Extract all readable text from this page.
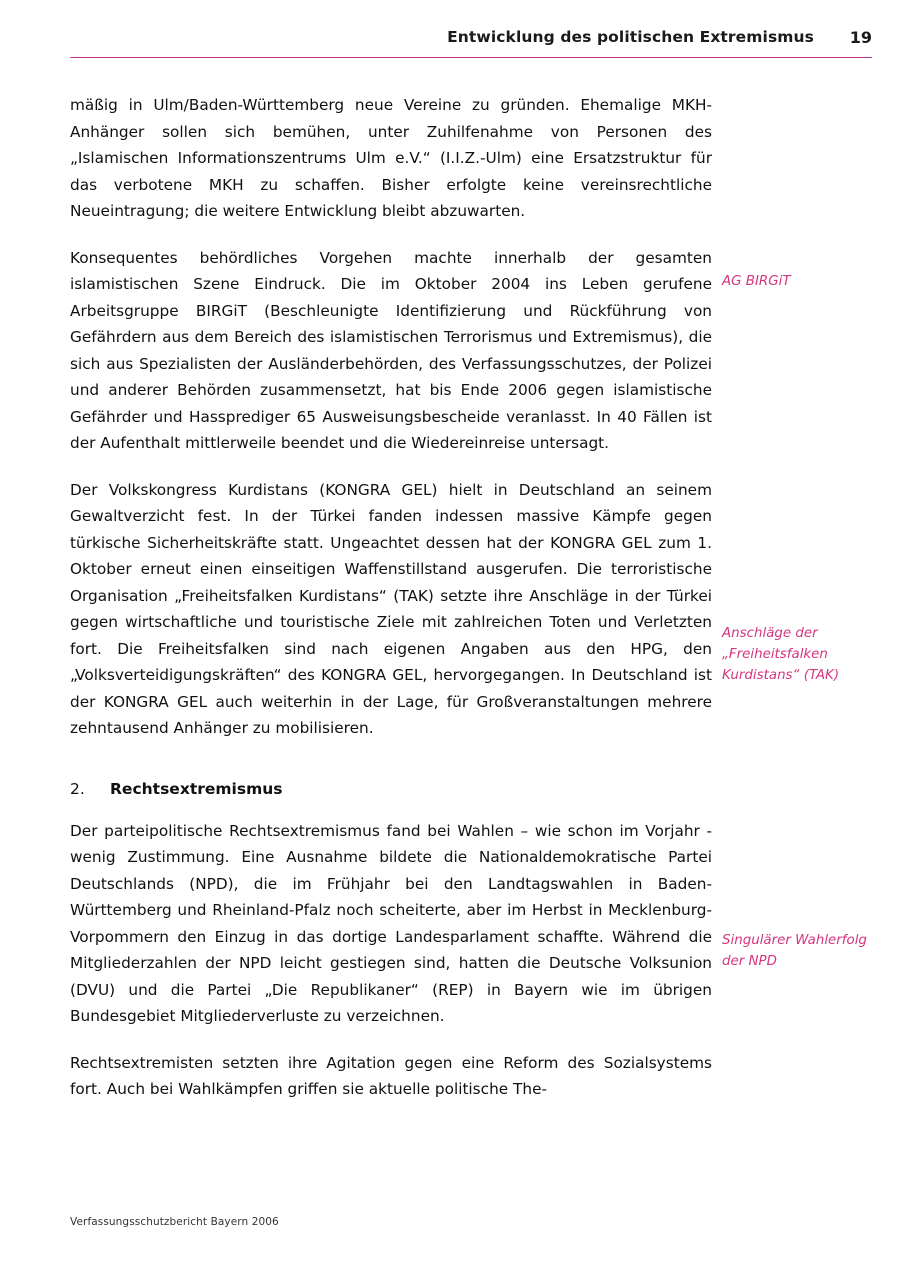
Entwicklung des politischen Extremismus 19

mäßig in Ulm/Baden-Württemberg neue Vereine zu gründen. Ehemalige MKH-Anhänger sollen sich bemühen, unter Zuhilfenahme von Personen des „Islamischen Informationszentrums Ulm e.V.“ (I.I.Z.-Ulm) eine Ersatzstruktur für das verbotene MKH zu schaffen. Bisher erfolgte keine vereinsrechtliche Neueintragung; die weitere Entwicklung bleibt abzuwarten.

Konsequentes behördliches Vorgehen machte innerhalb der gesamten islamistischen Szene Eindruck. Die im Oktober 2004 ins Leben gerufene Arbeitsgruppe BIRGiT (Beschleunigte Identifizierung und Rückführung von Gefährdern aus dem Bereich des islamistischen Terrorismus und Extremismus), die sich aus Spezialisten der Ausländerbehörden, des Verfassungsschutzes, der Polizei und anderer Behörden zusammensetzt, hat bis Ende 2006 gegen islamistische Gefährder und Hassprediger 65 Ausweisungsbescheide veranlasst. In 40 Fällen ist der Aufenthalt mittlerweile beendet und die Wiedereinreise untersagt.

Der Volkskongress Kurdistans (KONGRA GEL) hielt in Deutschland an seinem Gewaltverzicht fest. In der Türkei fanden indessen massive Kämpfe gegen türkische Sicherheitskräfte statt. Ungeachtet dessen hat der KONGRA GEL zum 1. Oktober erneut einen einseitigen Waffenstillstand ausgerufen. Die terroristische Organisation „Freiheitsfalken Kurdistans“ (TAK) setzte ihre Anschläge in der Türkei gegen wirtschaftliche und touristische Ziele mit zahlreichen Toten und Verletzten fort. Die Freiheitsfalken sind nach eigenen Angaben aus den HPG, den „Volksverteidigungskräften“ des KONGRA GEL, hervorgegangen. In Deutschland ist der KONGRA GEL auch weiterhin in der Lage, für Großveranstaltungen mehrere zehntausend Anhänger zu mobilisieren.

2. Rechtsextremismus

Der parteipolitische Rechtsextremismus fand bei Wahlen – wie schon im Vorjahr - wenig Zustimmung. Eine Ausnahme bildete die Nationaldemokratische Partei Deutschlands (NPD), die im Frühjahr bei den Landtagswahlen in Baden-Württemberg und Rheinland-Pfalz noch scheiterte, aber im Herbst in Mecklenburg-Vorpommern den Einzug in das dortige Landesparlament schaffte. Während die Mitgliederzahlen der NPD leicht gestiegen sind, hatten die Deutsche Volksunion (DVU) und die Partei „Die Republikaner“ (REP) in Bayern wie im übrigen Bundesgebiet Mitgliederverluste zu verzeichnen.

Rechtsextremisten setzten ihre Agitation gegen eine Reform des Sozialsystems fort. Auch bei Wahlkämpfen griffen sie aktuelle politische The-

AG BIRGiT
Anschläge der „Freiheitsfalken Kurdistans“ (TAK)
Singulärer Wahlerfolg der NPD
Verfassungsschutzbericht Bayern 2006
